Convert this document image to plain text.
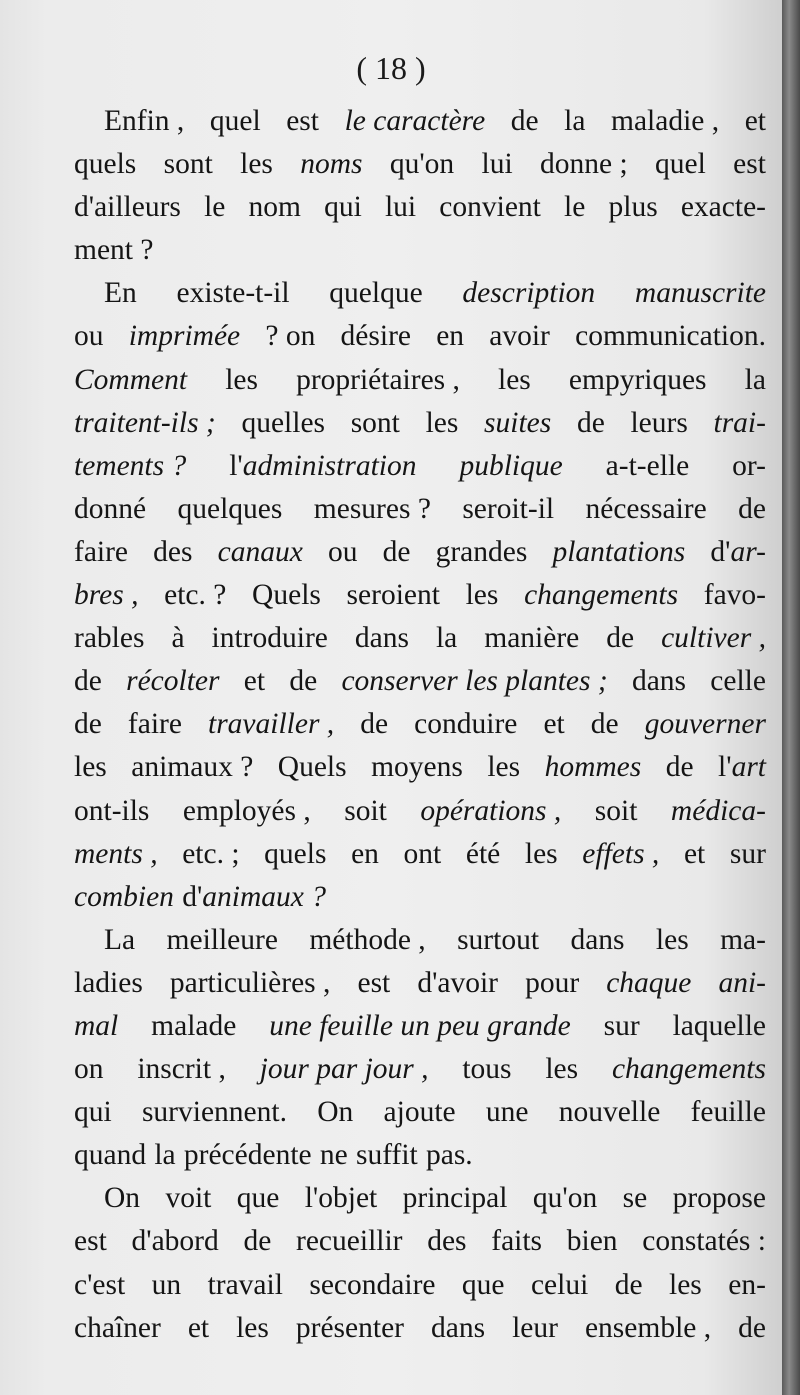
( 18 )
Enfin , quel est le caractère de la maladie , et
quels sont les noms qu'on lui donne ; quel est
d'ailleurs le nom qui lui convient le plus exacte-
ment ?
En existe-t-il quelque description manuscrite
ou imprimée ? on désire en avoir communication.
Comment les propriétaires , les empyriques la
traitent-ils ; quelles sont les suites de leurs trai-
tements ? l'administration publique a-t-elle or-
donné quelques mesures ? seroit-il nécessaire de
faire des canaux ou de grandes plantations d'ar-
bres , etc. ? Quels seroient les changements favo-
rables à introduire dans la manière de cultiver ,
de récolter et de conserver les plantes ; dans celle
de faire travailler , de conduire et de gouverner
les animaux ? Quels moyens les hommes de l'art
ont-ils employés , soit opérations , soit médica-
ments , etc. ; quels en ont été les effets , et sur
combien d'animaux ?
La meilleure méthode , surtout dans les ma-
ladies particulières , est d'avoir pour chaque ani-
mal malade une feuille un peu grande sur laquelle
on inscrit , jour par jour , tous les changements
qui surviennent. On ajoute une nouvelle feuille
quand la précédente ne suffit pas.
On voit que l'objet principal qu'on se propose
est d'abord de recueillir des faits bien constatés :
c'est un travail secondaire que celui de les en-
chaîner et les présenter dans leur ensemble , de
